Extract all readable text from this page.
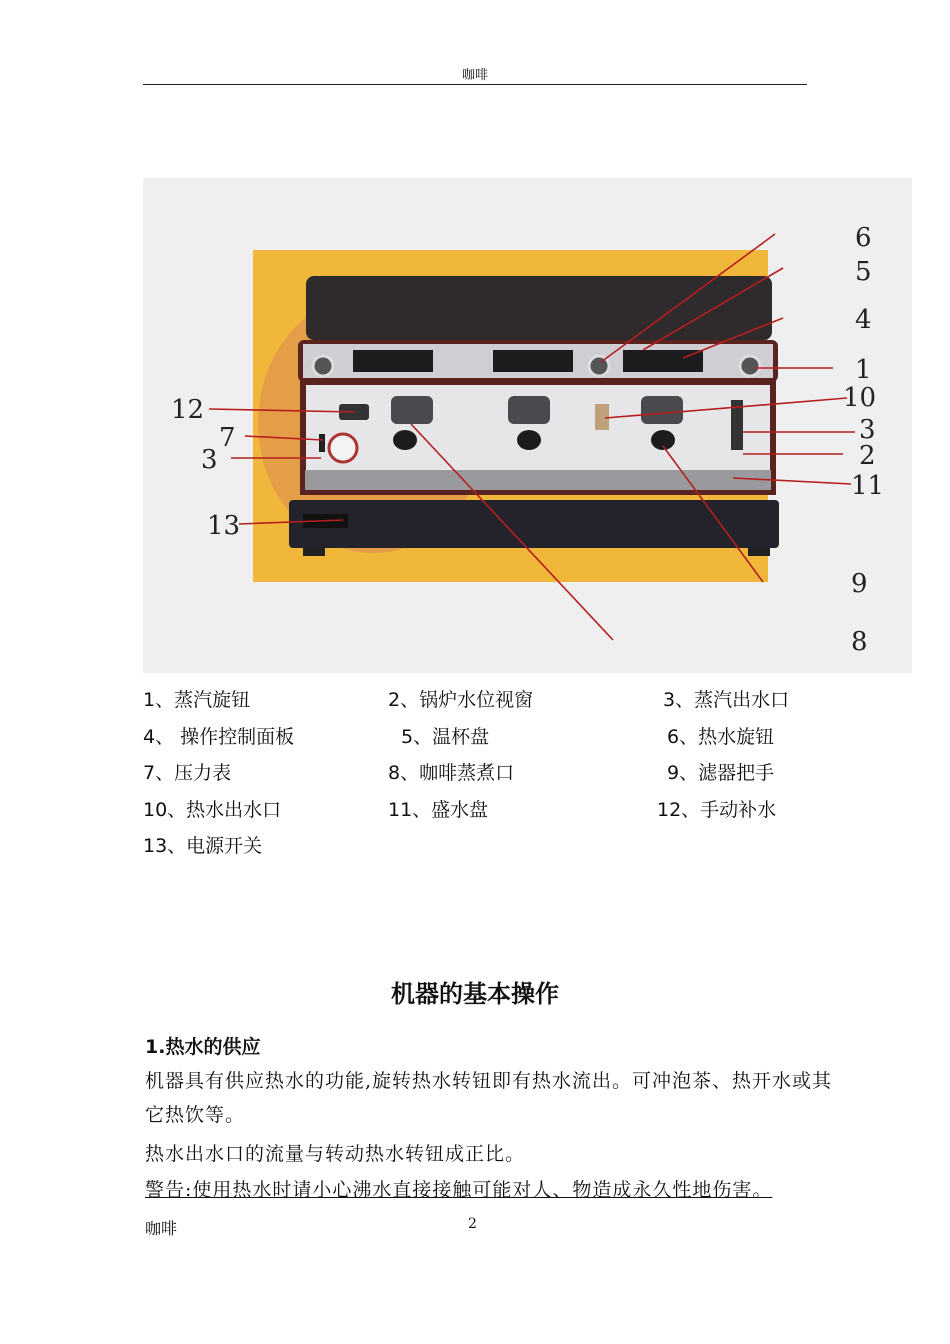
咖啡
6
5
4
1
10
3
2
11
9
8
12
7
3
13
1、蒸汽旋钮	2、锅炉水位视窗	3、蒸汽出水口
4、 操作控制面板	5、温杯盘	6、热水旋钮
7、压力表	8、咖啡蒸煮口	9、滤器把手
10、热水出水口	11、盛水盘	12、手动补水
13、电源开关
机器的基本操作
1.热水的供应
机器具有供应热水的功能,旋转热水转钮即有热水流出。可冲泡茶、热开水或其它热饮等。
热水出水口的流量与转动热水转钮成正比。
警告:使用热水时请小心沸水直接接触可能对人、物造成永久性地伤害。
咖啡	2
